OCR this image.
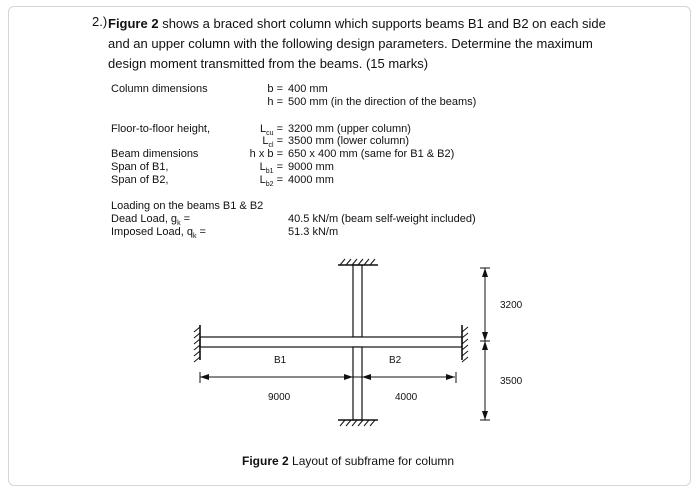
2.) Figure 2 shows a braced short column which supports beams B1 and B2 on each side and an upper column with the following design parameters. Determine the maximum design moment transmitted from the beams. (15 marks)
Column dimensions	b = 400 mm
h = 500 mm (in the direction of the beams)
Floor-to-floor height,	$L_{cu} = 3200$ mm (upper column)
$L_{cl} = 3500$ mm (lower column)
Beam dimensions	h x b = 650 x 400 mm (same for B1 & B2)
Span of B1,	$L_{b1} = 9000$ mm
Span of B2,	$L_{b2} = 4000$ mm
Loading on the beams B1 & B2
Dead Load, $g_k$ =	40.5 kN/m (beam self-weight included)
Imposed Load, $q_k$ =	51.3 kN/m
B1	B2
9000	4000
3200
3500
Figure 2 Layout of subframe for column
